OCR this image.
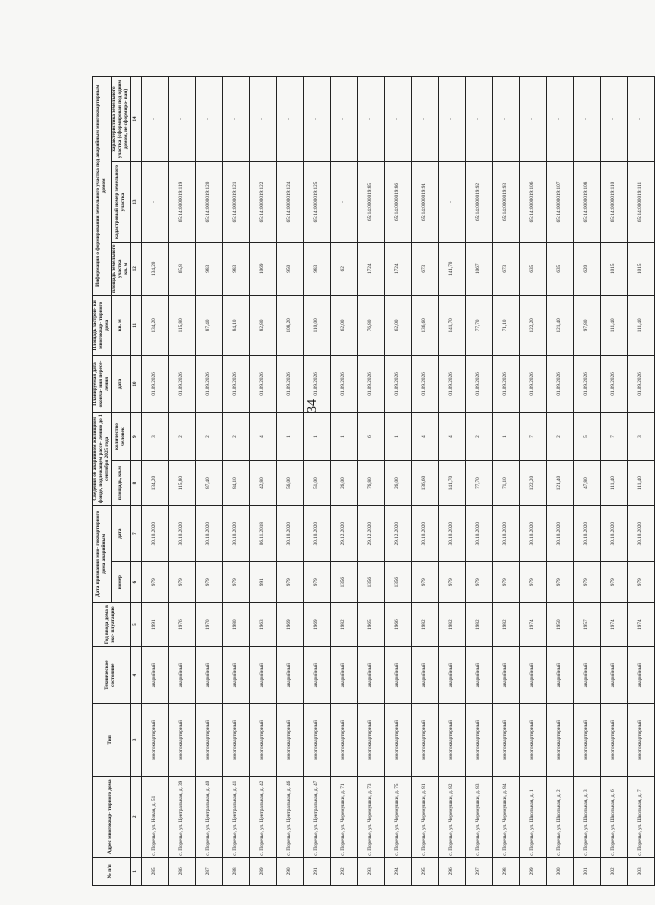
34
№ п/п	Адрес многоквар- тирного дома	Тип	Техническое состояние	Год ввода дома в экс- плуатацию	Дата признания мно- гоквартирного дома аварийным		Сведения об аварийном жилищном фонде, подлежащем рассе- лению до 1 сентября 2025 года		Планируемая дата оконча- ния пересе- ления	Площадь застрой- ки многоквар- тирного дома	Информация о формировании земельного участка под аварийным многоквартирным домом		
					номер	дата	площадь, кв.м	количество человек	дата	кв. м	площадь земельного участка
кв. м	кадастровый номер земельного участка	характеристика земельного участка (сформирован под одним домом, не сформиро- ван)
1	2	3	4	5	6	7	8	9	10	11	12	13	14
285	с. Поречье, ул. Новая, д. 51	многоквартирный	аварийный	1991	979	30.10.2020	134,20	3	01.09.2026	134,20	134,20	-	-
286	с. Поречье, ул. Центральная, д. 39	многоквартирный	аварийный	1976	979	30.10.2020	115,80	2	01.09.2026	115,80	65,8	65:14:0000019:119	-
287	с. Поречье, ул. Центральная, д. 40	многоквартирный	аварийный	1970	979	30.10.2020	87,40	2	01.09.2026	87,40	983	65:14:0000019:120	-
288	с. Поречье, ул. Центральная, д. 41	многоквартирный	аварийный	1980	979	30.10.2020	84,10	2	01.09.2026	84,10	983	65:14:0000019:121	-
289	с. Поречье, ул. Центральная, д. 42	многоквартирный	аварийный	1963	991	06.11.2018	42,80	4	01.09.2026	82,80	1069	65:14:0000019:122	-
290	с. Поречье, ул. Центральная, д. 46	многоквартирный	аварийный	1969	979	30.10.2020	56,00	1	01.09.2026	108,20	950	65:14:0000019:124	-
291	с. Поречье, ул. Центральная, д. 47	многоквартирный	аварийный	1969	979	30.10.2020	51,00	1	01.09.2026	110,00	983	65:14:0000019:125	-
292	с. Поречье, ул. Черемушки, д. 71	многоквартирный	аварийный	1982	1356	29.12.2020	26,00	1	01.09.2026	62,00	62	-	-
293	с. Поречье, ул. Черемушки, д. 73	многоквартирный	аварийный	1965	1356	29.12.2020	76,80	6	01.09.2026	76,80	1724	65:14:0000019:85	-
294	с. Поречье, ул. Черемушки, д. 75	многоквартирный	аварийный	1966	1356	29.12.2020	26,00	1	01.09.2026	62,00	1724	65:14:0000019:86	-
295	с. Поречье, ул. Черемушки, д. 81	многоквартирный	аварийный	1982	979	30.10.2020	136,60	4	01.09.2026	136,60	673	65:14:0000019:91	-
296	с. Поречье, ул. Черемушки, д. 82	многоквартирный	аварийный	1982	979	30.10.2020	141,70	4	01.09.2026	141,70	141,70	-	-
297	с. Поречье, ул. Черемушки, д. 83	многоквартирный	аварийный	1982	979	30.10.2020	77,70	2	01.09.2026	77,70	1067	65:14:0000019:92	-
298	с. Поречье, ул. Черемушки, д. 84	многоквартирный	аварийный	1982	979	30.10.2020	71,10	1	01.09.2026	71,10	673	65:14:0000019:93	-
299	с. Поречье, ул. Школьная, д. 1	многоквартирный	аварийный	1974	979	30.10.2020	122,20	7	01.09.2026	122,20	635	65:14:0000019:106	-
300	с. Поречье, ул. Школьная, д. 2	многоквартирный	аварийный	1950	979	30.10.2020	121,40	2	01.09.2026	121,40	635	65:14:0000019:107	-
301	с. Поречье, ул. Школьная, д. 3	многоквартирный	аварийный	1957	979	30.10.2020	47,80	5	01.09.2026	97,80	620	65:14:0000019:108	-
302	с. Поречье, ул. Школьная, д. 6	многоквартирный	аварийный	1974	979	30.10.2020	111,40	7	01.09.2026	111,40	1015	65:14:0000019:110	-
303	с. Поречье, ул. Школьная, д. 7	многоквартирный	аварийный	1974	979	30.10.2020	111,40	3	01.09.2026	111,40	1015	65:14:0000019:111	-
